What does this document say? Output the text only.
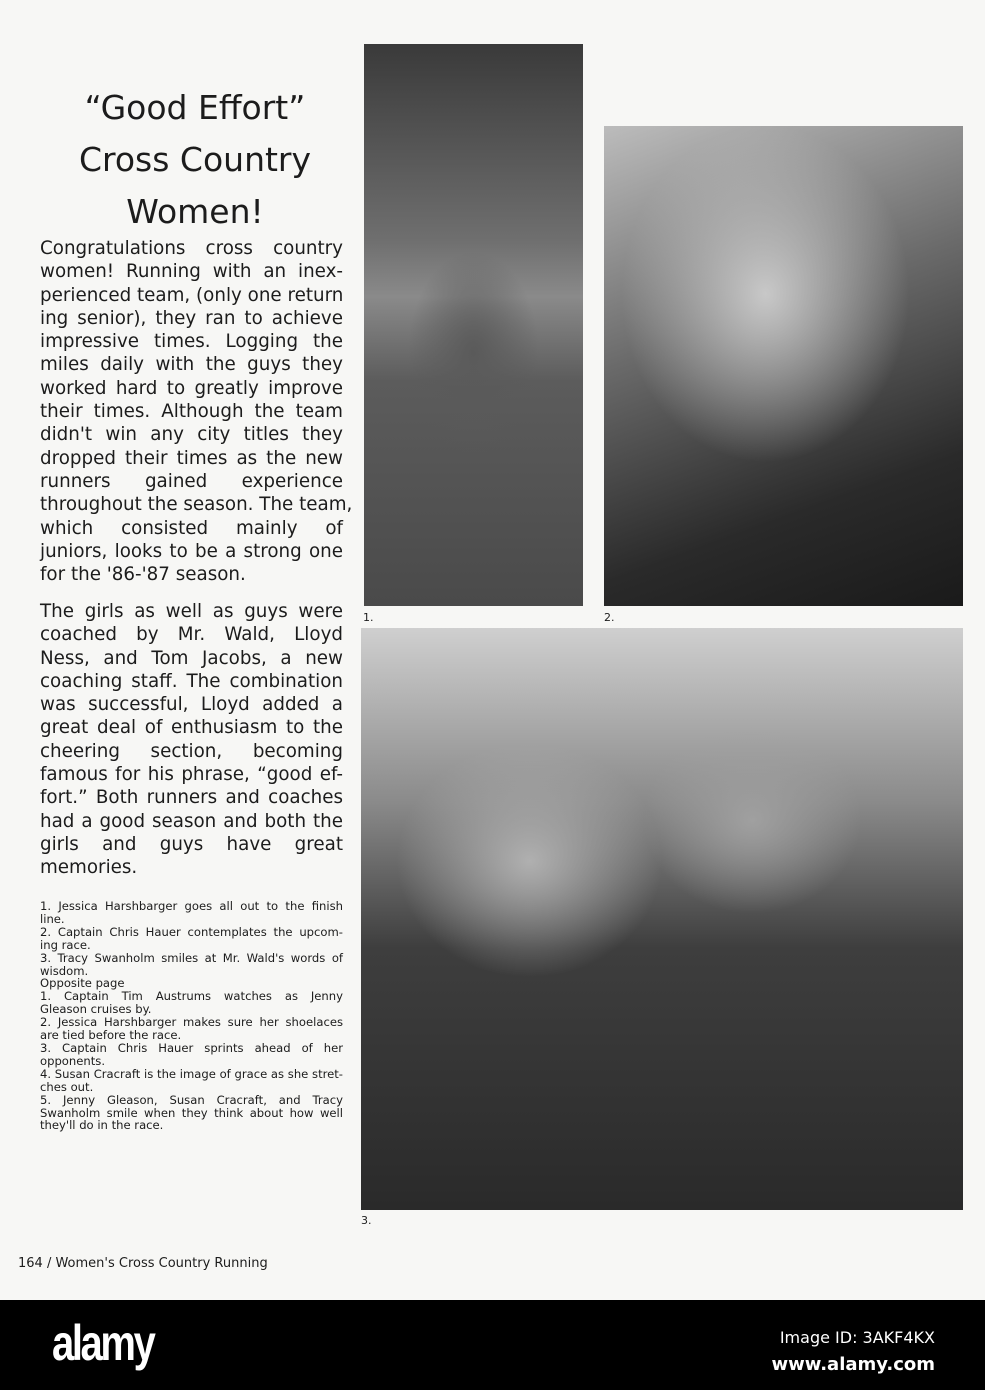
“Good Effort”
Cross Country
Women!
Congratulations cross country
women! Running with an inex-
perienced team, (only one return
ing senior), they ran to achieve
impressive times. Logging the
miles daily with the guys they
worked hard to greatly improve
their times. Although the team
didn't win any city titles they
dropped their times as the new
runners gained experience
throughout the season. The team,
which consisted mainly of
juniors, looks to be a strong one
for the '86-'87 season.
The girls as well as guys were
coached by Mr. Wald, Lloyd
Ness, and Tom Jacobs, a new
coaching staff. The combination
was successful, Lloyd added a
great deal of enthusiasm to the
cheering section, becoming
famous for his phrase, “good ef-
fort.” Both runners and coaches
had a good season and both the
girls and guys have great
memories.
1. Jessica Harshbarger goes all out to the finish
line.
2. Captain Chris Hauer contemplates the upcom-
ing race.
3. Tracy Swanholm smiles at Mr. Wald's words of
wisdom.
Opposite page
1. Captain Tim Austrums watches as Jenny
Gleason cruises by.
2. Jessica Harshbarger makes sure her shoelaces
are tied before the race.
3. Captain Chris Hauer sprints ahead of her
opponents.
4. Susan Cracraft is the image of grace as she stret-
ches out.
5. Jenny Gleason, Susan Cracraft, and Tracy
Swanholm smile when they think about how well
they'll do in the race.
1.	2.
3.
164 / Women's Cross Country Running
alamy	Image ID: 3AKF4KX
www.alamy.com
